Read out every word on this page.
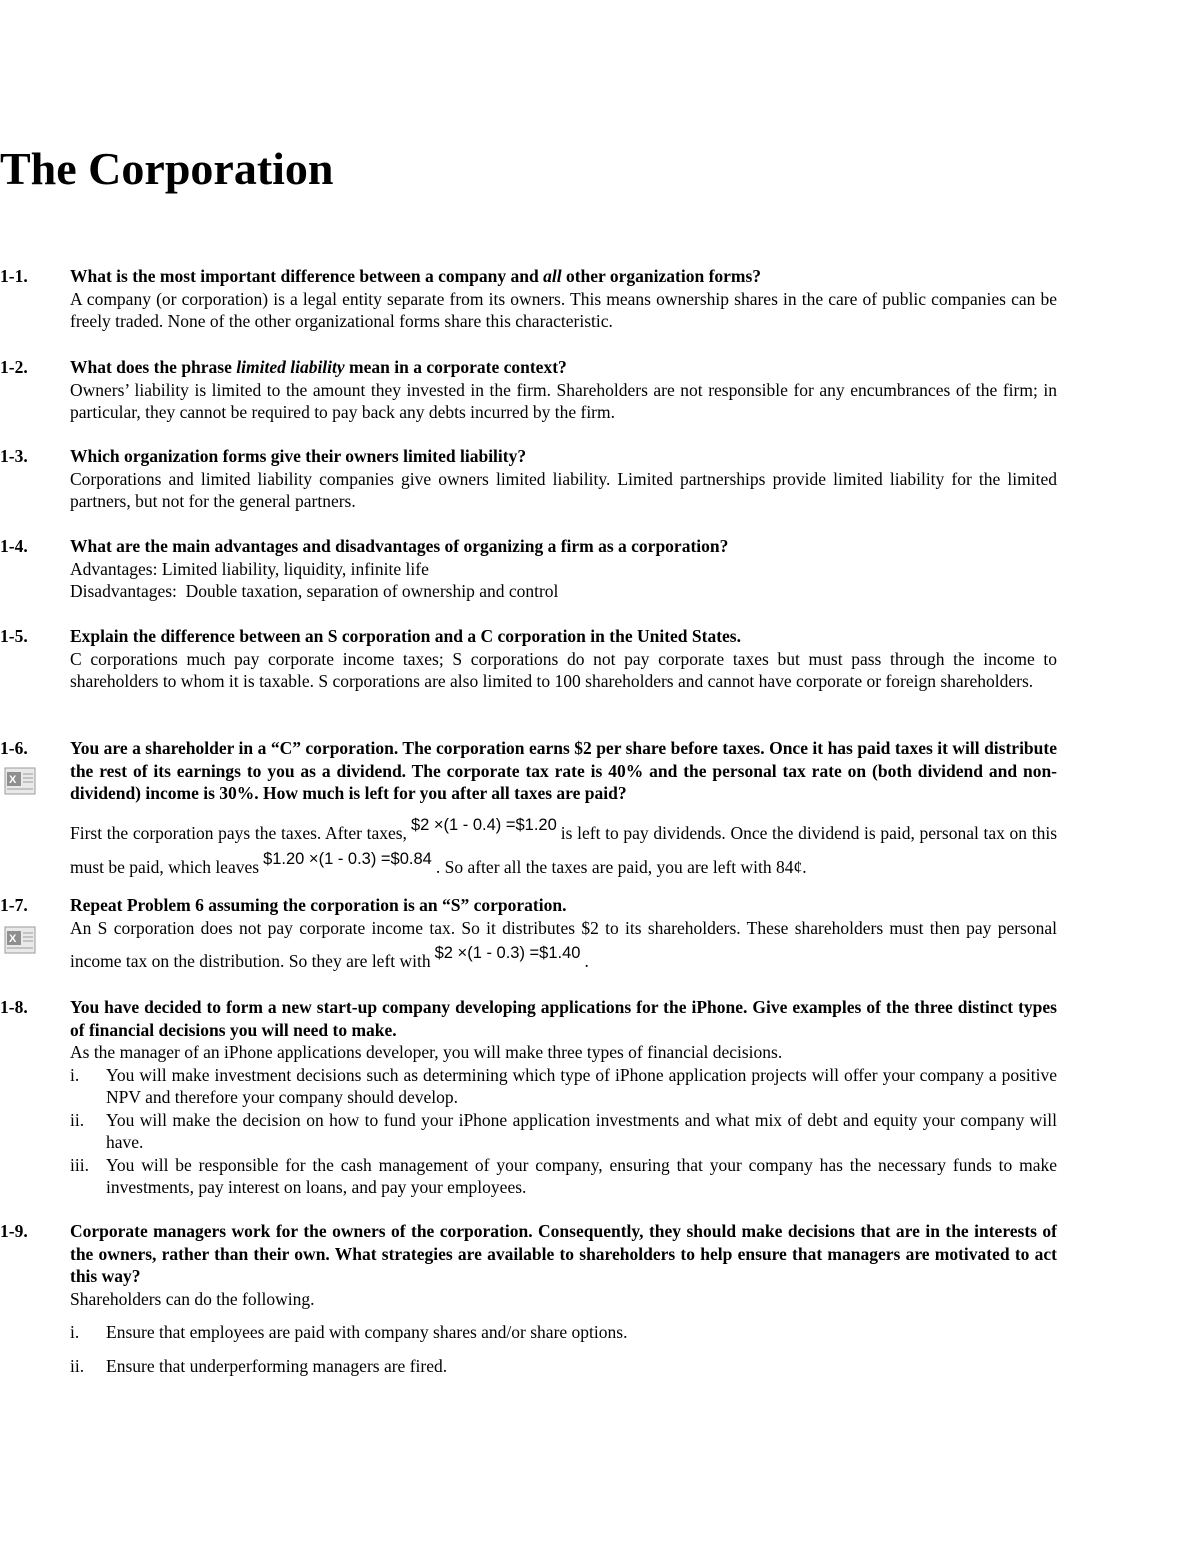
The Corporation
1-1. What is the most important difference between a company and all other organization forms?
A company (or corporation) is a legal entity separate from its owners. This means ownership shares in the care of public companies can be freely traded. None of the other organizational forms share this characteristic.
1-2. What does the phrase limited liability mean in a corporate context?
Owners’ liability is limited to the amount they invested in the firm. Shareholders are not responsible for any encumbrances of the firm; in particular, they cannot be required to pay back any debts incurred by the firm.
1-3. Which organization forms give their owners limited liability?
Corporations and limited liability companies give owners limited liability. Limited partnerships provide limited liability for the limited partners, but not for the general partners.
1-4. What are the main advantages and disadvantages of organizing a firm as a corporation?
Advantages: Limited liability, liquidity, infinite life
Disadvantages:  Double taxation, separation of ownership and control
1-5. Explain the difference between an S corporation and a C corporation in the United States.
C corporations much pay corporate income taxes; S corporations do not pay corporate taxes but must pass through the income to shareholders to whom it is taxable. S corporations are also limited to 100 shareholders and cannot have corporate or foreign shareholders.
1-6.
X
You are a shareholder in a “C” corporation. The corporation earns $2 per share before taxes. Once it has paid taxes it will distribute the rest of its earnings to you as a dividend. The corporate tax rate is 40% and the personal tax rate on (both dividend and non-dividend) income is 30%. How much is left for you after all taxes are paid?
First the corporation pays the taxes. After taxes, $2 ×(1 - 0.4) =$1.20 is left to pay dividends. Once the dividend is paid, personal tax on this must be paid, which leaves $1.20 ×(1 - 0.3) =$0.84 . So after all the taxes are paid, you are left with 84¢.
1-7.
X
Repeat Problem 6 assuming the corporation is an “S” corporation.
An S corporation does not pay corporate income tax. So it distributes $2 to its shareholders. These shareholders must then pay personal income tax on the distribution. So they are left with $2 ×(1 - 0.3) =$1.40 .
1-8. You have decided to form a new start-up company developing applications for the iPhone. Give examples of the three distinct types of financial decisions you will need to make.
As the manager of an iPhone applications developer, you will make three types of financial decisions.
i. You will make investment decisions such as determining which type of iPhone application projects will offer your company a positive NPV and therefore your company should develop.
ii. You will make the decision on how to fund your iPhone application investments and what mix of debt and equity your company will have.
iii. You will be responsible for the cash management of your company, ensuring that your company has the necessary funds to make investments, pay interest on loans, and pay your employees.
1-9. Corporate managers work for the owners of the corporation. Consequently, they should make decisions that are in the interests of the owners, rather than their own. What strategies are available to shareholders to help ensure that managers are motivated to act this way?
Shareholders can do the following.
i. Ensure that employees are paid with company shares and/or share options.
ii. Ensure that underperforming managers are fired.
